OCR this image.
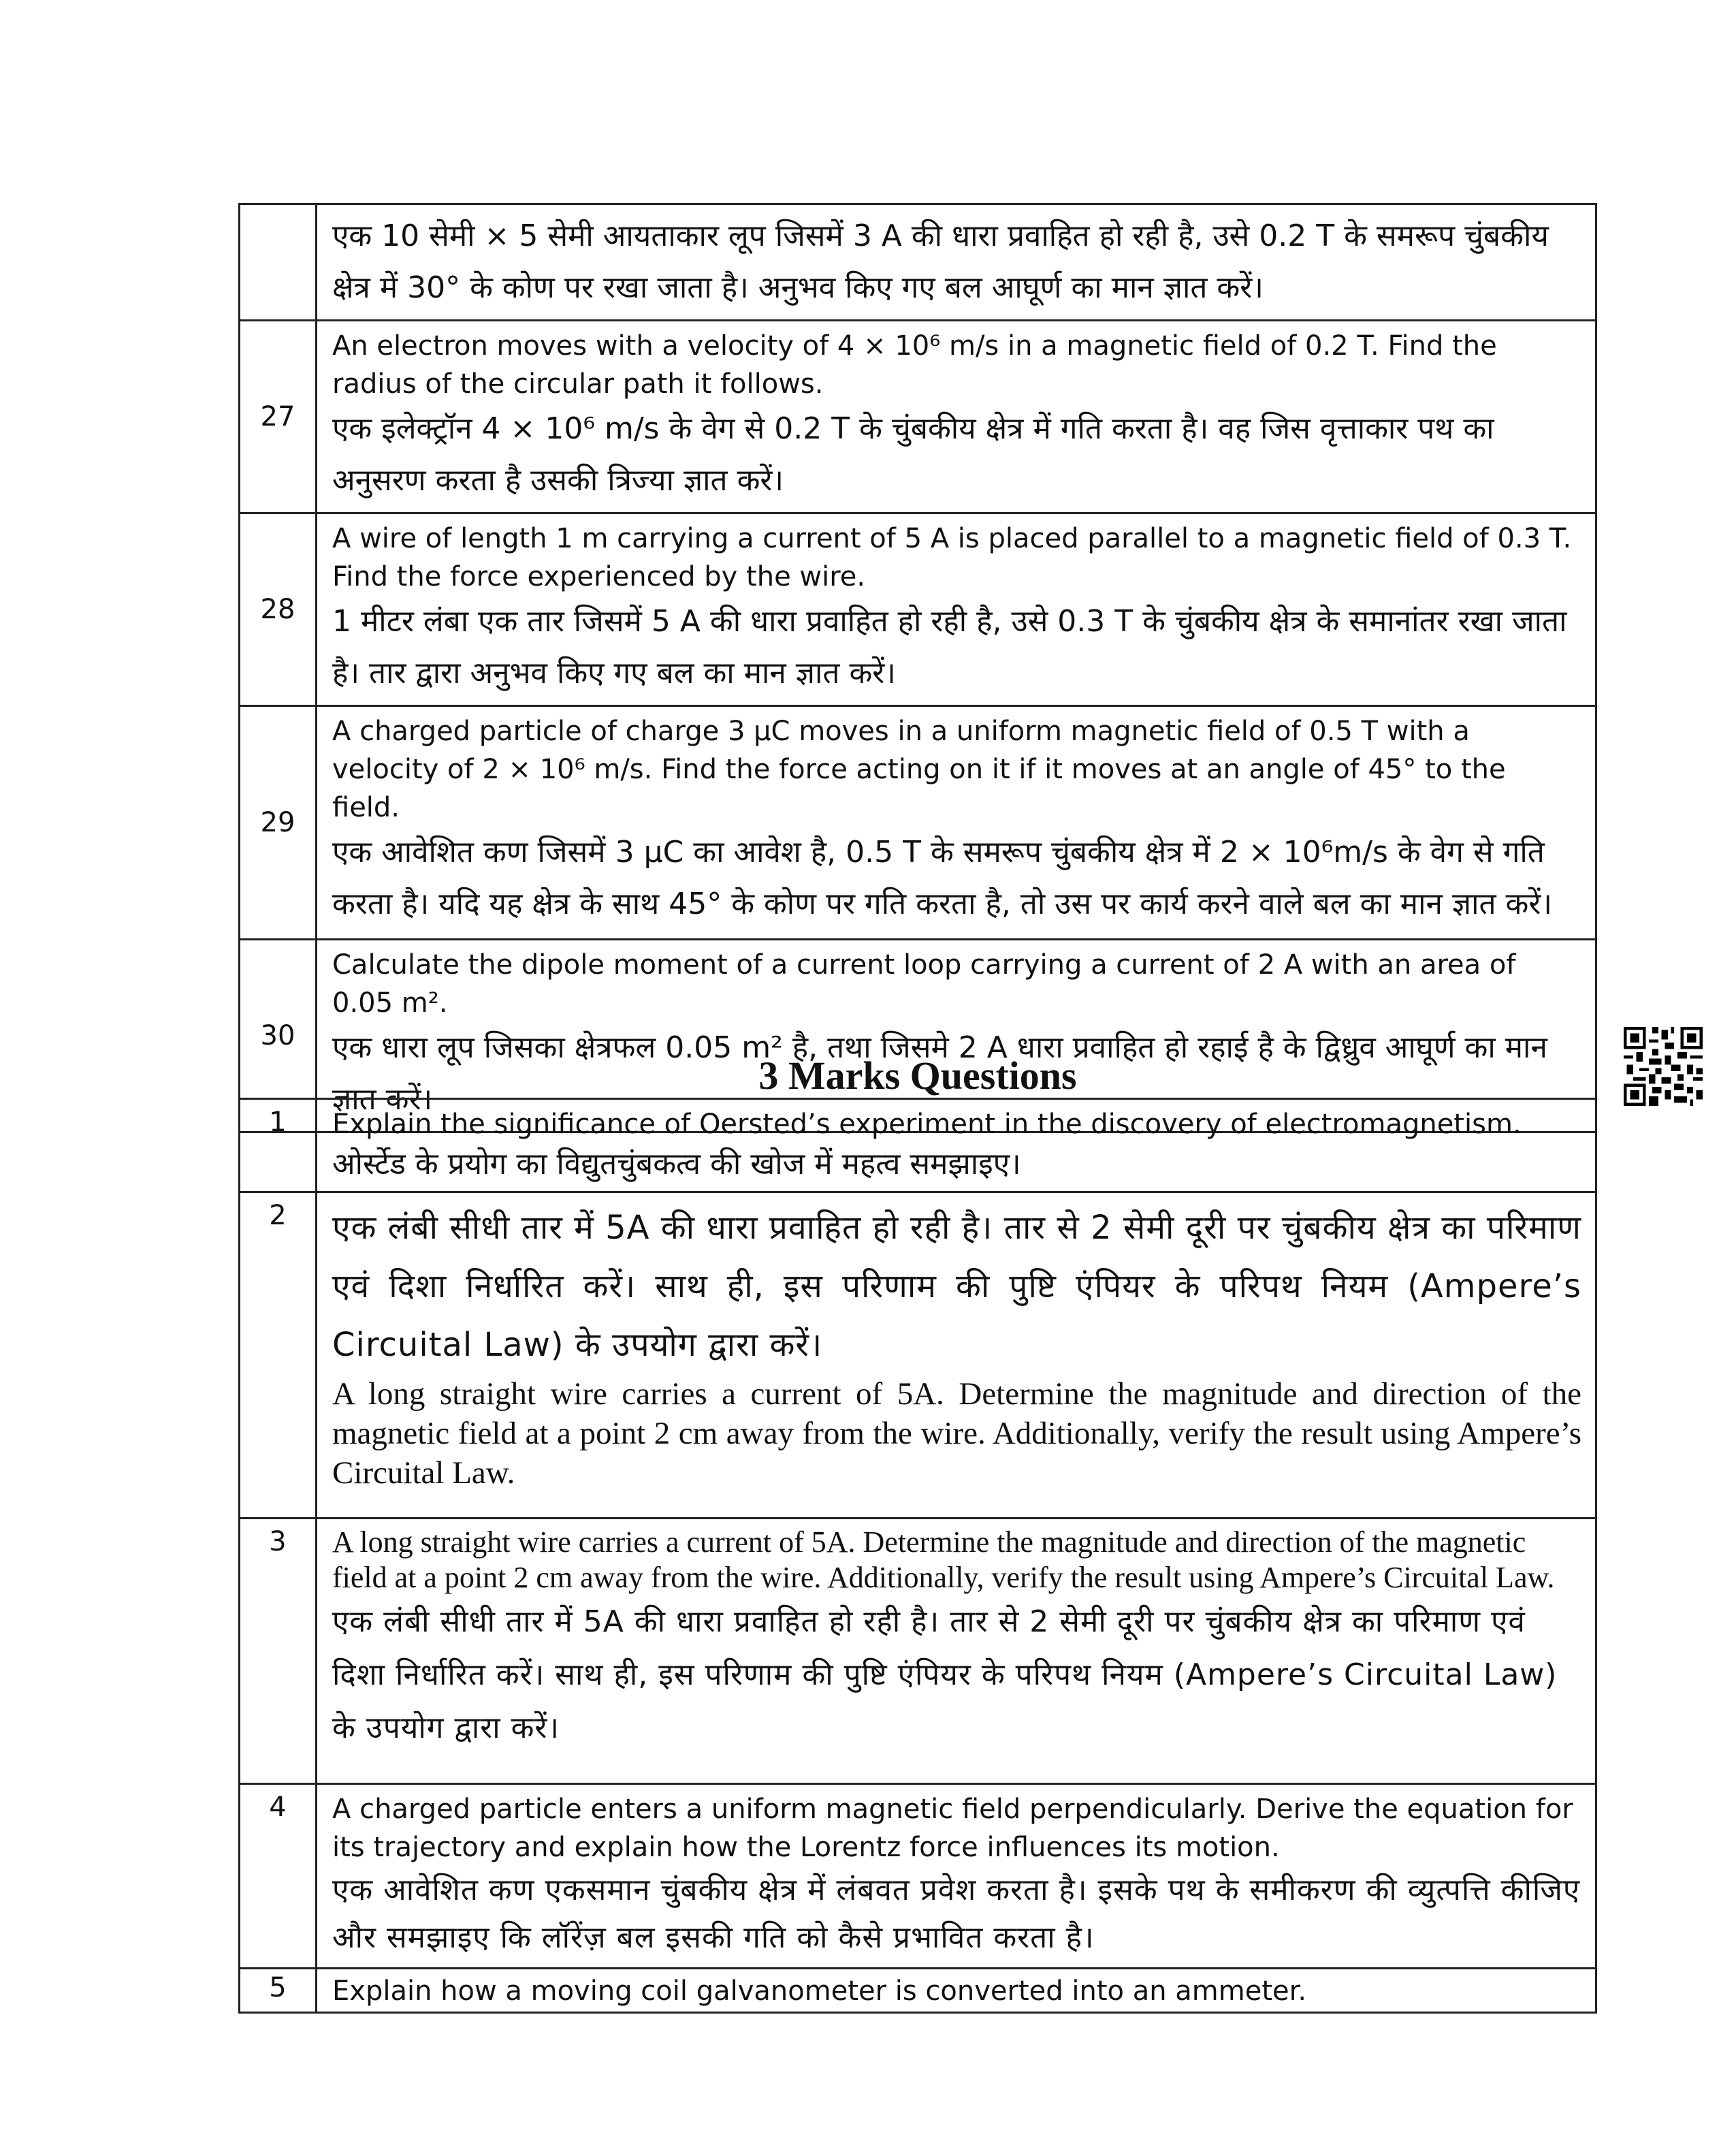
	एक 10 सेमी × 5 सेमी आयताकार लूप जिसमें 3 A की धारा प्रवाहित हो रही है, उसे 0.2 T के समरूप चुंबकीय
क्षेत्र में 30° के कोण पर रखा जाता है। अनुभव किए गए बल आघूर्ण का मान ज्ञात करें।

27	An electron moves with a velocity of 4 × 10⁶ m/s in a magnetic field of 0.2 T. Find the radius of the circular path it follows.
एक इलेक्ट्रॉन 4 × 10⁶ m/s के वेग से 0.2 T के चुंबकीय क्षेत्र में गति करता है। वह जिस वृत्ताकार पथ का अनुसरण करता है उसकी त्रिज्या ज्ञात करें।

28	A wire of length 1 m carrying a current of 5 A is placed parallel to a magnetic field of 0.3 T. Find the force experienced by the wire.
1 मीटर लंबा एक तार जिसमें 5 A की धारा प्रवाहित हो रही है, उसे 0.3 T के चुंबकीय क्षेत्र के समानांतर रखा जाता है। तार द्वारा अनुभव किए गए बल का मान ज्ञात करें।

29	A charged particle of charge 3 μC moves in a uniform magnetic field of 0.5 T with a velocity of 2 × 10⁶ m/s. Find the force acting on it if it moves at an angle of 45° to the field.
एक आवेशित कण जिसमें 3 μC का आवेश है, 0.5 T के समरूप चुंबकीय क्षेत्र में 2 × 10⁶m/s के वेग से गति करता है। यदि यह क्षेत्र के साथ 45° के कोण पर गति करता है, तो उस पर कार्य करने वाले बल का मान ज्ञात करें।

30	Calculate the dipole moment of a current loop carrying a current of 2 A with an area of 0.05 m².
एक धारा लूप जिसका क्षेत्रफल 0.05 m² है, तथा जिसमे 2 A धारा प्रवाहित हो रहाई है के द्विध्रुव आघूर्ण का मान ज्ञात करें।
3 Marks Questions
1	Explain the significance of Oersted’s experiment in the discovery of electromagnetism.
ओर्स्टेड के प्रयोग का विद्युतचुंबकत्व की खोज में महत्व समझाइए।

2	एक लंबी सीधी तार में 5A की धारा प्रवाहित हो रही है। तार से 2 सेमी दूरी पर चुंबकीय क्षेत्र का परिमाण एवं दिशा निर्धारित करें। साथ ही, इस परिणाम की पुष्टि एंपियर के परिपथ नियम (Ampere’s Circuital Law) के उपयोग द्वारा करें।
A long straight wire carries a current of 5A. Determine the magnitude and direction of the magnetic field at a point 2 cm away from the wire. Additionally, verify the result using Ampere’s Circuital Law.

3	A long straight wire carries a current of 5A. Determine the magnitude and direction of the magnetic field at a point 2 cm away from the wire. Additionally, verify the result using Ampere’s Circuital Law.
एक लंबी सीधी तार में 5A की धारा प्रवाहित हो रही है। तार से 2 सेमी दूरी पर चुंबकीय क्षेत्र का परिमाण एवं दिशा निर्धारित करें। साथ ही, इस परिणाम की पुष्टि एंपियर के परिपथ नियम (Ampere’s Circuital Law) के उपयोग द्वारा करें।

4	A charged particle enters a uniform magnetic field perpendicularly. Derive the equation for its trajectory and explain how the Lorentz force influences its motion.
एक आवेशित कण एकसमान चुंबकीय क्षेत्र में लंबवत प्रवेश करता है। इसके पथ के समीकरण की व्युत्पत्ति कीजिए और समझाइए कि लॉरेंज़ बल इसकी गति को कैसे प्रभावित करता है।

5	Explain how a moving coil galvanometer is converted into an ammeter.
